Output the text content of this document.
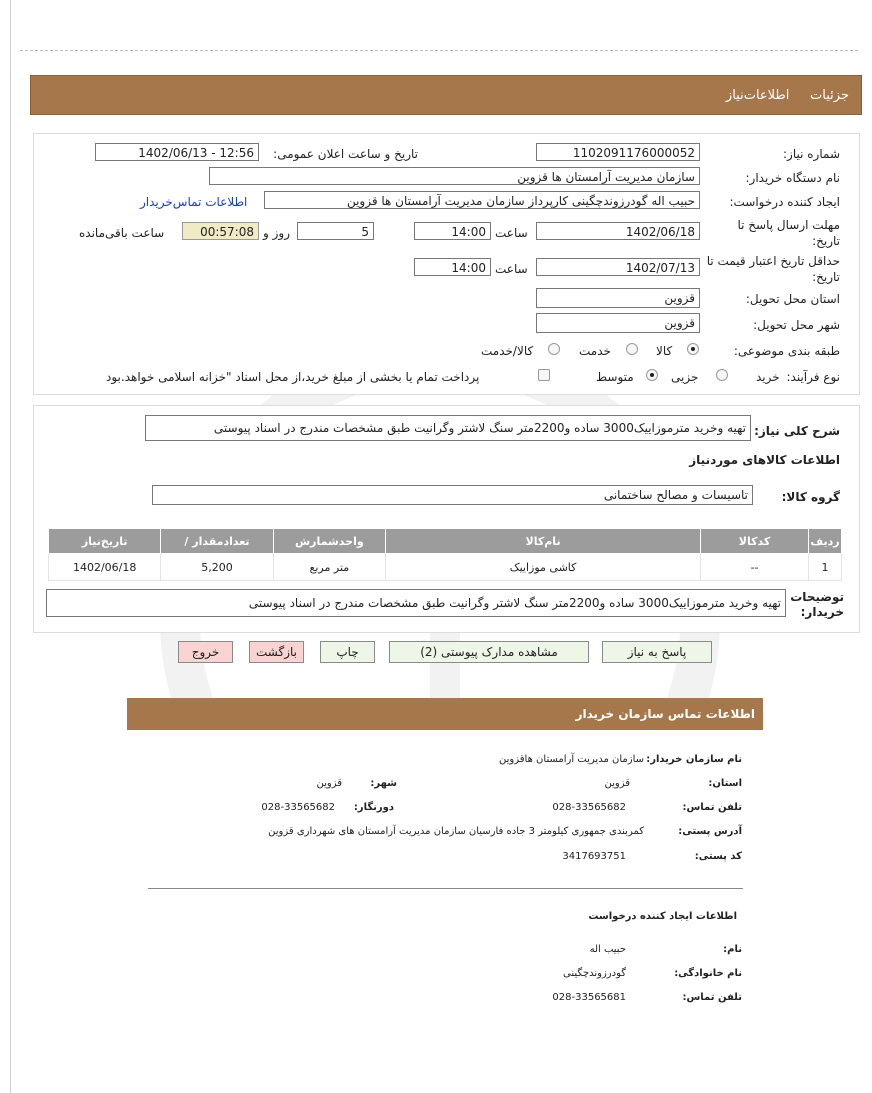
جزئیات     اطلاعات‌نیاز
شماره نیاز:
1102091176000052
تاریخ و ساعت اعلان عمومی:
1402/06/13 - 12:56
نام دستگاه خریدار:
سازمان مدیریت آرامستان ها قزوین
ایجاد کننده درخواست:
حبیب اله گودرزوندچگینی کارپرداز سازمان مدیریت آرامستان ها قزوین
اطلاعات تماس‌خریدار
مهلت ارسال پاسخ تا تاریخ:
1402/06/18
ساعت
14:00
5
روز و
00:57:08
ساعت باقی‌مانده
حداقل تاریخ اعتبار قیمت تا تاریخ:
1402/07/13
ساعت
14:00
استان محل تحویل:
قزوین
شهر محل تحویل:
قزوین
طبقه بندی موضوعی:
کالا
خدمت
کالا/خدمت
نوع فرآیند:
خرید
جزیی
متوسط
پرداخت تمام یا بخشی از مبلغ خرید،از محل اسناد "خزانه اسلامی خواهد.بود
شرح کلی نیاز:
تهیه وخرید مترموزاییک3000 ساده و2200متر سنگ لاشتر وگرانیت طبق مشخصات مندرج در اسناد پیوستی
اطلاعات کالاهای موردنیاز
گروه کالا:
تاسیسات و مصالح ساختمانی
ردیف	کدکالا	نام‌کالا	واحدشمارش	تعدادمقدار /	تاریخ‌نیاز
1	--	کاشی موزاییک	متر مربع	5,200	1402/06/18
توضیحات خریدار:
تهیه وخرید مترموزاییک3000 ساده و2200متر سنگ لاشتر وگرانیت طبق مشخصات مندرج در اسناد پیوستی
پاسخ به نیاز
مشاهده مدارک پیوستی (2)
چاپ
بازگشت
خروج
اطلاعات تماس سازمان خریدار
نام سازمان خریدار:
سازمان مدیریت آرامستان هاقزوین
استان:
قزوین
شهر:
قزوین
تلفن تماس:
028-33565682
دورنگار:
028-33565682
آدرس پستی:
کمربندی جمهوری کیلومتر 3 جاده فارسیان سازمان مدیریت آرامستان های شهرداری قزوین
کد پستی:
3417693751
اطلاعات ایجاد کننده درخواست
نام:
حبیب اله
نام خانوادگی:
گودرزوندچگینی
تلفن تماس:
028-33565681
